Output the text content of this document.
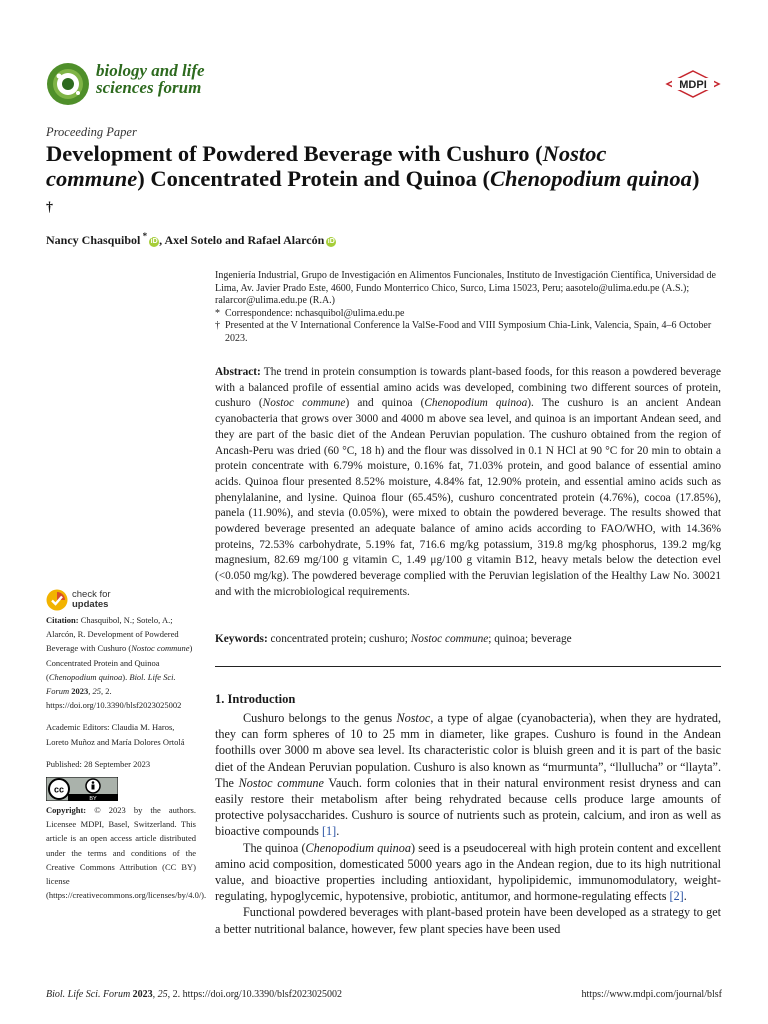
biology and life
sciences forum	MDPI
Proceeding Paper
Development of Powdered Beverage with Cushuro (Nostoc commune) Concentrated Protein and Quinoa (Chenopodium quinoa) †
Nancy Chasquibol *iD , Axel Sotelo and Rafael Alarcón iD
Ingeniería Industrial, Grupo de Investigación en Alimentos Funcionales, Instituto de Investigación Científica, Universidad de Lima, Av. Javier Prado Este, 4600, Fundo Monterrico Chico, Surco, Lima 15023, Peru; aasotelo@ulima.edu.pe (A.S.); ralarcor@ulima.edu.pe (R.A.)
* Correspondence: nchasquibol@ulima.edu.pe
† Presented at the V International Conference la ValSe-Food and VIII Symposium Chia-Link, Valencia, Spain, 4–6 October 2023.
Abstract: The trend in protein consumption is towards plant-based foods, for this reason a powdered beverage with a balanced profile of essential amino acids was developed, combining two different sources of protein, cushuro (Nostoc commune) and quinoa (Chenopodium quinoa). The cushuro is an ancient Andean cyanobacteria that grows over 3000 and 4000 m above sea level, and quinoa is an important Andean seed, and they are part of the basic diet of the Andean Peruvian population. The cushuro obtained from the region of Ancash-Peru was dried (60 °C, 18 h) and the flour was dissolved in 0.1 N HCl at 90 °C for 20 min to obtain a protein concentrate with 6.79% moisture, 0.16% fat, 71.03% protein, and good balance of essential amino acids. Quinoa flour presented 8.52% moisture, 4.84% fat, 12.90% protein, and essential amino acids such as phenylalanine, and lysine. Quinoa flour (65.45%), cushuro concentrated protein (4.76%), cocoa (17.85%), panela (11.90%), and stevia (0.05%), were mixed to obtain the powdered beverage. The results showed that powdered beverage presented an adequate balance of amino acids according to FAO/WHO, with 14.36% proteins, 72.53% carbohydrate, 5.19% fat, 716.6 mg/kg potassium, 319.8 mg/kg phosphorus, 139.2 mg/kg magnesium, 82.69 mg/100 g vitamin C, 1.49 μg/100 g vitamin B12, heavy metals below the detection evel (<0.050 mg/kg). The powdered beverage complied with the Peruvian legislation of the Healthy Law No. 30021 and with the microbiological requirements.
Keywords: concentrated protein; cushuro; Nostoc commune; quinoa; beverage
check for
updates

Citation: Chasquibol, N.; Sotelo, A.; Alarcón, R. Development of Powdered Beverage with Cushuro (Nostoc commune) Concentrated Protein and Quinoa (Chenopodium quinoa). Biol. Life Sci. Forum 2023, 25, 2. https://doi.org/10.3390/blsf2023025002

Academic Editors: Claudia M. Haros, Loreto Muñoz and María Dolores Ortolá

Published: 28 September 2023

cc
BY

Copyright: © 2023 by the authors. Licensee MDPI, Basel, Switzerland. This article is an open access article distributed under the terms and conditions of the Creative Commons Attribution (CC BY) license (https://creativecommons.org/licenses/by/4.0/).

1. Introduction

Cushuro belongs to the genus Nostoc, a type of algae (cyanobacteria), when they are hydrated, they can form spheres of 10 to 25 mm in diameter, like grapes. Cushuro is found in the Andean foothills over 3000 m above sea level. Its characteristic color is bluish green and it is part of the basic diet of the Andean Peruvian population. Cushuro is also known as “murmunta”, “llullucha” or “llayta”. The Nostoc commune Vauch. form colonies that in their natural environment resist dryness and can easily restore their metabolism after being rehydrated because cells produce large amounts of protective polysaccharides. Cushuro is source of nutrients such as protein, calcium, and iron as well as bioactive compounds [1].

The quinoa (Chenopodium quinoa) seed is a pseudocereal with high protein content and excellent amino acid composition, domesticated 5000 years ago in the Andean region, due to its high nutritional value, and bioactive properties including antioxidant, hypolipidemic, immunomodulatory, weight-regulating, hypoglycemic, hypotensive, probiotic, antitumor, and hormone-regulating effects [2].

Functional powdered beverages with plant-based protein have been developed as a strategy to get a better nutritional balance, however, few plant species have been used

Biol. Life Sci. Forum 2023, 25, 2. https://doi.org/10.3390/blsf2023025002	https://www.mdpi.com/journal/blsf
